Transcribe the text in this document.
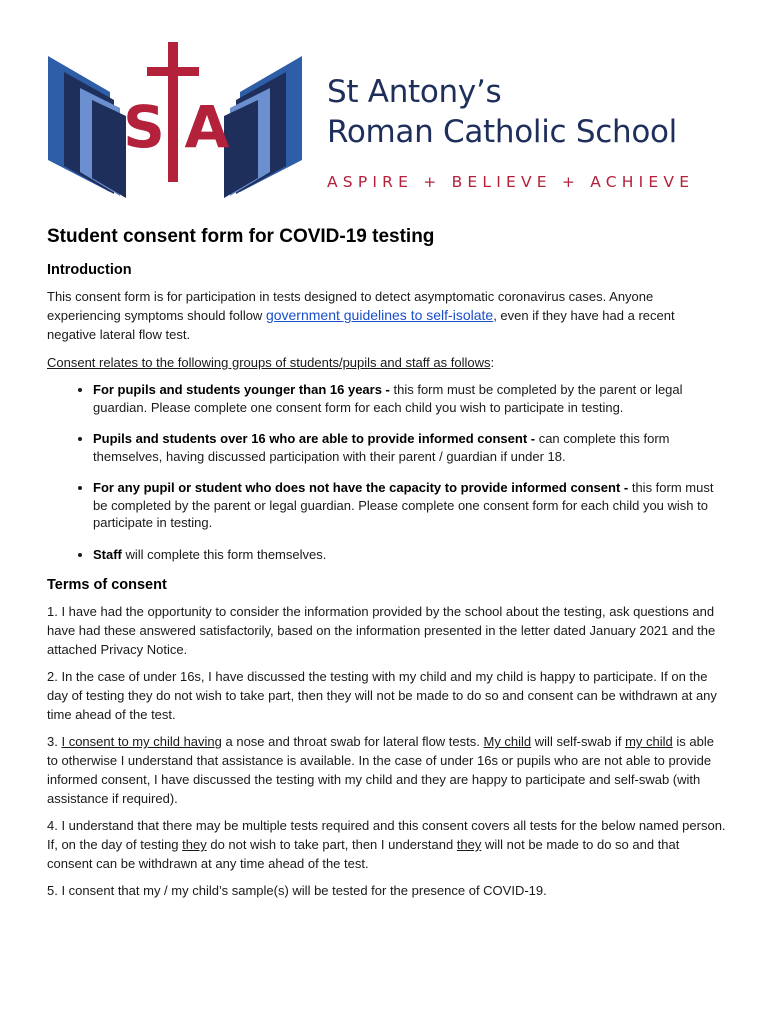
S A
St Antony’s
Roman Catholic School
ASPIRE + BELIEVE + ACHIEVE
Student consent form for COVID-19 testing
Introduction

This consent form is for participation in tests designed to detect asymptomatic coronavirus cases. Anyone experiencing symptoms should follow government guidelines to self-isolate, even if they have had a recent negative lateral flow test.

Consent relates to the following groups of students/pupils and staff as follows:

• For pupils and students younger than 16 years - this form must be completed by the parent or legal guardian. Please complete one consent form for each child you wish to participate in testing.
• Pupils and students over 16 who are able to provide informed consent - can complete this form themselves, having discussed participation with their parent / guardian if under 18.
• For any pupil or student who does not have the capacity to provide informed consent - this form must be completed by the parent or legal guardian. Please complete one consent form for each child you wish to participate in testing.
• Staff will complete this form themselves.
Terms of consent

1. I have had the opportunity to consider the information provided by the school about the testing, ask questions and have had these answered satisfactorily, based on the information presented in the letter dated January 2021 and the attached Privacy Notice.

2. In the case of under 16s, I have discussed the testing with my child and my child is happy to participate. If on the day of testing they do not wish to take part, then they will not be made to do so and consent can be withdrawn at any time ahead of the test.

3. I consent to my child having a nose and throat swab for lateral flow tests. My child will self-swab if my child is able to otherwise I understand that assistance is available. In the case of under 16s or pupils who are not able to provide informed consent, I have discussed the testing with my child and they are happy to participate and self-swab (with assistance if required).

4. I understand that there may be multiple tests required and this consent covers all tests for the below named person. If, on the day of testing they do not wish to take part, then I understand they will not be made to do so and that consent can be withdrawn at any time ahead of the test.

5. I consent that my / my child’s sample(s) will be tested for the presence of COVID-19.
